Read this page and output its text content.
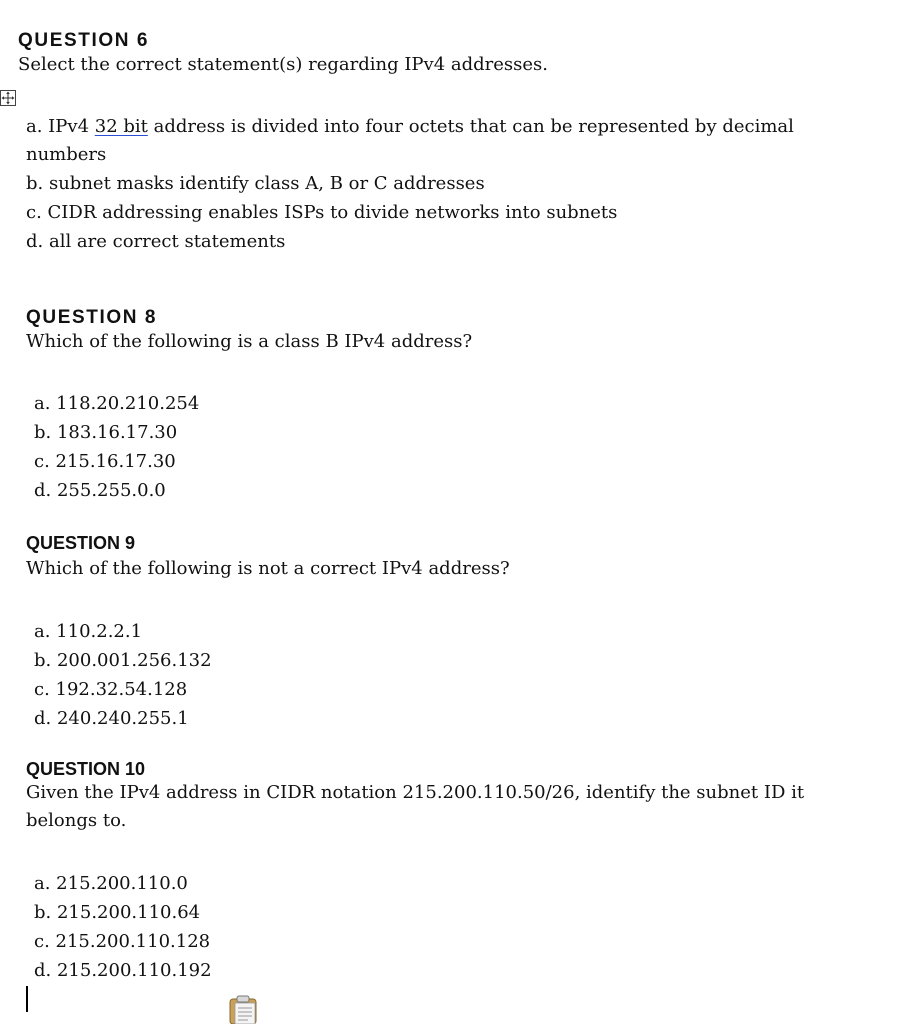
QUESTION 6
Select the correct statement(s) regarding IPv4 addresses.
a. IPv4 32 bit address is divided into four octets that can be represented by decimal numbers
b. subnet masks identify class A, B or C addresses
c. CIDR addressing enables ISPs to divide networks into subnets
d. all are correct statements
QUESTION 8
Which of the following is a class B IPv4 address?
a. 118.20.210.254
b. 183.16.17.30
c. 215.16.17.30
d. 255.255.0.0
QUESTION 9
Which of the following is not a correct IPv4 address?
a. 110.2.2.1
b. 200.001.256.132
c. 192.32.54.128
d. 240.240.255.1
QUESTION 10
Given the IPv4 address in CIDR notation 215.200.110.50/26, identify the subnet ID it belongs to.
a. 215.200.110.0
b. 215.200.110.64
c. 215.200.110.128
d. 215.200.110.192
